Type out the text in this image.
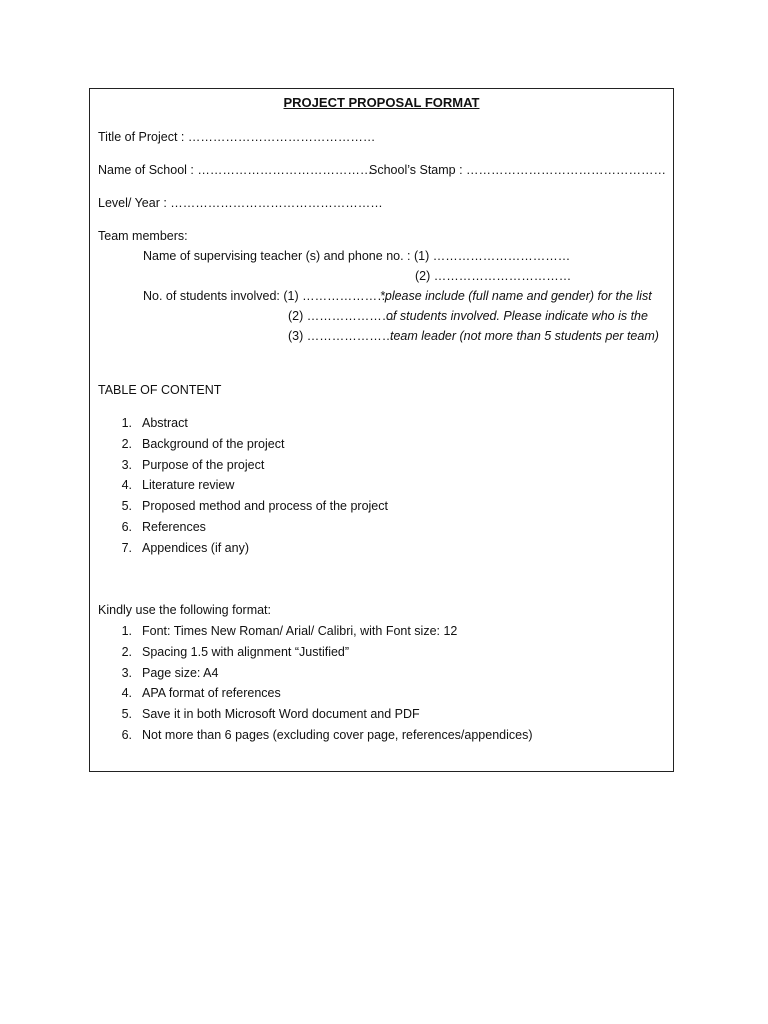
PROJECT PROPOSAL FORMAT
Title of Project : ………………………………………
Name of School : ……………………………………
School’s Stamp : …………………………………………
Level/ Year : ……………………………………………
Team members:
Name of supervising teacher (s) and phone no. : (1) ……………………………
(2) ……………………………
No. of students involved: (1) …………………
(2) …………………
(3) …………………
*please include (full name and gender) for the list
of students involved. Please indicate who is the
team leader (not more than 5 students per team)
TABLE OF CONTENT
1. Abstract
2. Background of the project
3. Purpose of the project
4. Literature review
5. Proposed method and process of the project
6. References
7. Appendices (if any)
Kindly use the following format:
1. Font: Times New Roman/ Arial/ Calibri, with Font size: 12
2. Spacing 1.5 with alignment “Justified”
3. Page size: A4
4. APA format of references
5. Save it in both Microsoft Word document and PDF
6. Not more than 6 pages (excluding cover page, references/appendices)
